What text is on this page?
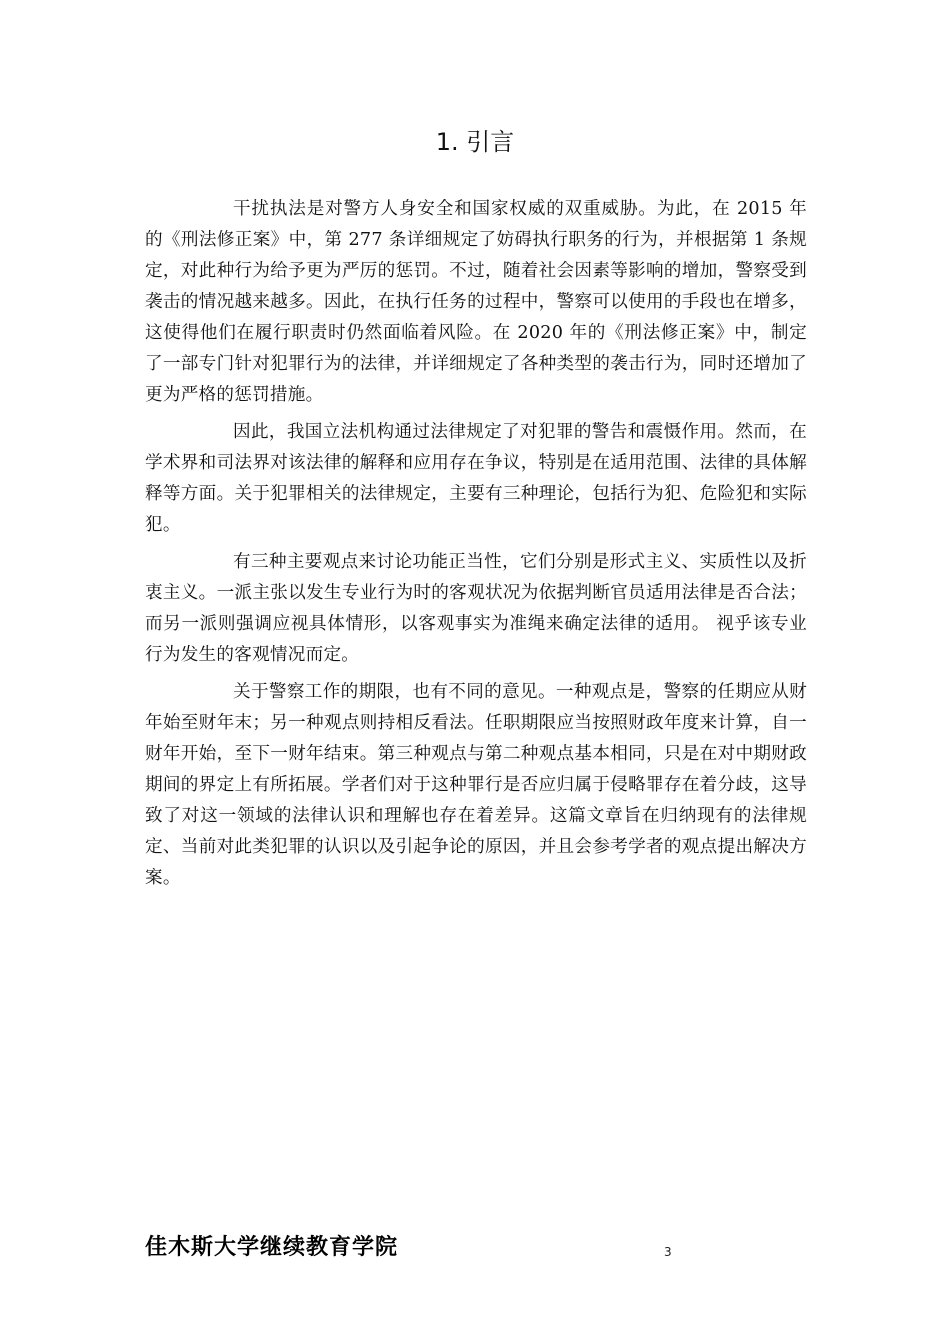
1. 引言

干扰执法是对警方人身安全和国家权威的双重威胁。为此，在 2015 年的《刑法修正案》中，第 277 条详细规定了妨碍执行职务的行为，并根据第 1 条规定，对此种行为给予更为严厉的惩罚。不过，随着社会因素等影响的增加，警察受到袭击的情况越来越多。因此，在执行任务的过程中，警察可以使用的手段也在增多，这使得他们在履行职责时仍然面临着风险。在 2020 年的《刑法修正案》中，制定了一部专门针对犯罪行为的法律，并详细规定了各种类型的袭击行为，同时还增加了更为严格的惩罚措施。

因此，我国立法机构通过法律规定了对犯罪的警告和震慑作用。然而，在学术界和司法界对该法律的解释和应用存在争议，特别是在适用范围、法律的具体解释等方面。关于犯罪相关的法律规定，主要有三种理论，包括行为犯、危险犯和实际犯。

有三种主要观点来讨论功能正当性，它们分别是形式主义、实质性以及折衷主义。一派主张以发生专业行为时的客观状况为依据判断官员适用法律是否合法；而另一派则强调应视具体情形，以客观事实为准绳来确定法律的适用。 视乎该专业行为发生的客观情况而定。

关于警察工作的期限，也有不同的意见。一种观点是，警察的任期应从财年始至财年末；另一种观点则持相反看法。任职期限应当按照财政年度来计算，自一财年开始，至下一财年结束。第三种观点与第二种观点基本相同，只是在对中期财政期间的界定上有所拓展。学者们对于这种罪行是否应归属于侵略罪存在着分歧，这导致了对这一领域的法律认识和理解也存在着差异。这篇文章旨在归纳现有的法律规定、当前对此类犯罪的认识以及引起争论的原因，并且会参考学者的观点提出解决方案。

佳木斯大学继续教育学院	3
